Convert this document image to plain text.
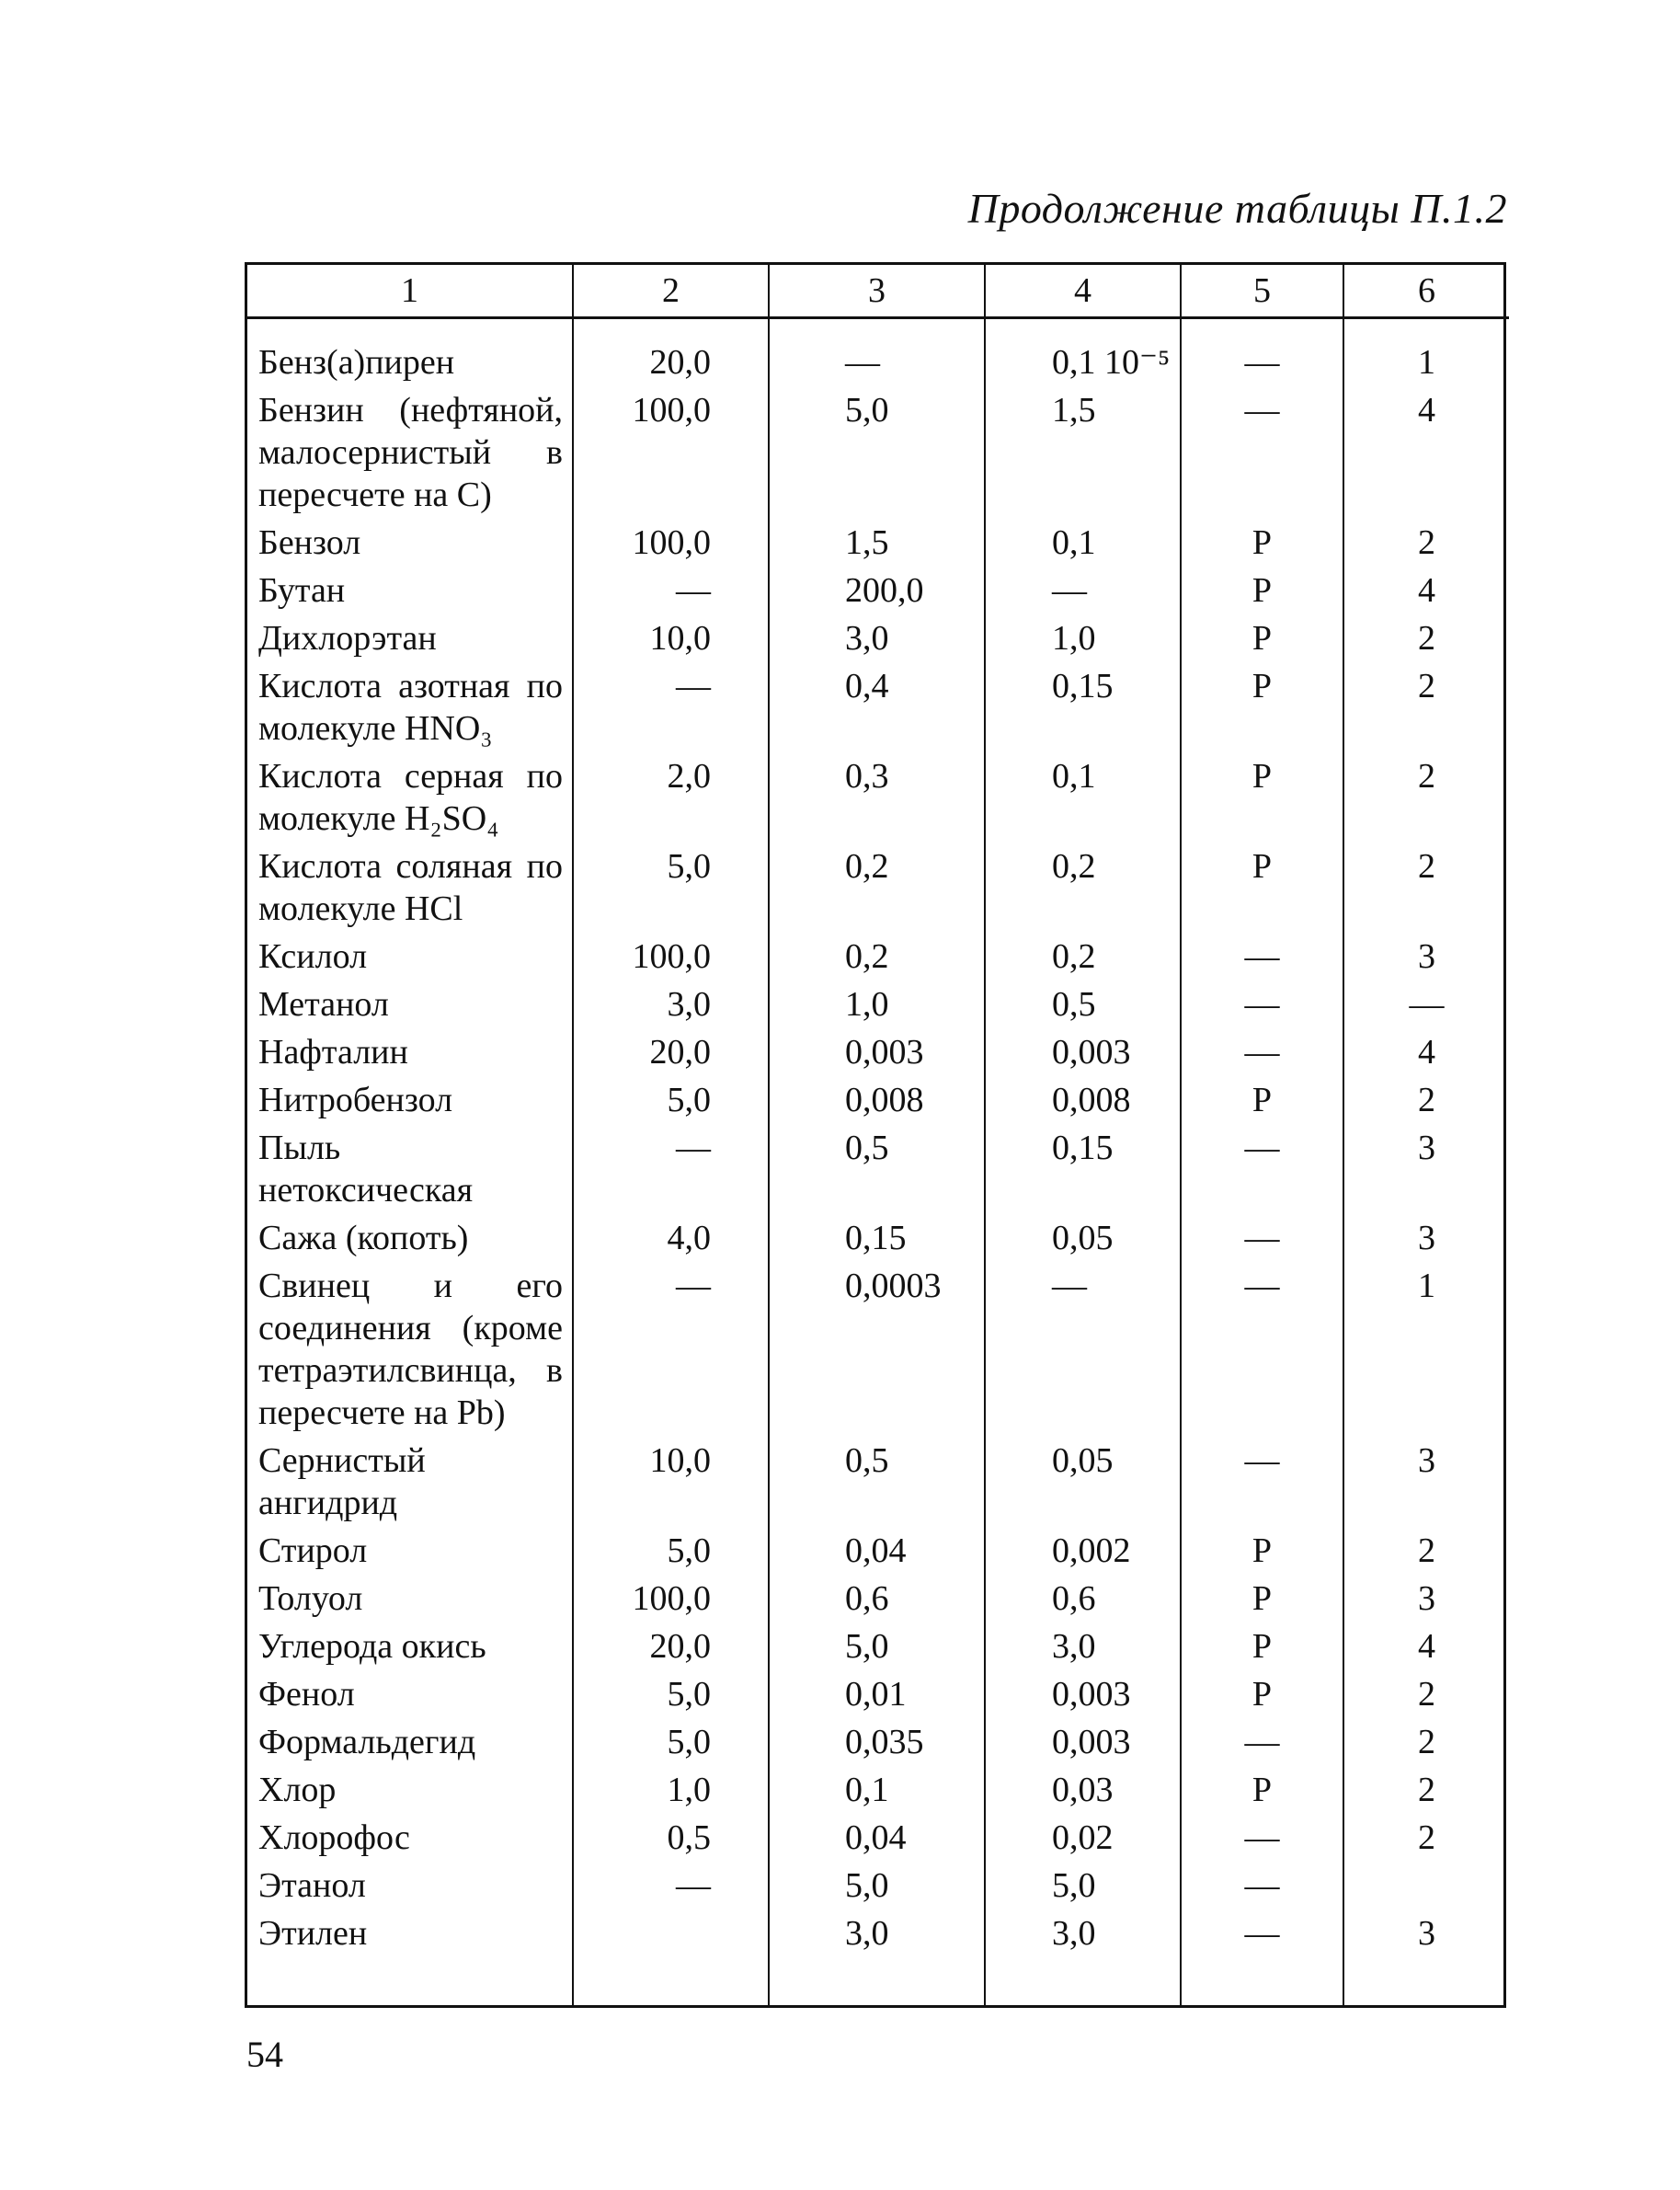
Продолжение таблицы П.1.2
1	2	3	4	5	6
Бенз(а)пирен	20,0	—	0,1 10⁻⁵	—	1
Бензин (нефтяной, малосернистый в пересчете на С)	100,0	5,0	1,5	—	4
Бензол	100,0	1,5	0,1	Р	2
Бутан	—	200,0	—	Р	4
Дихлорэтан	10,0	3,0	1,0	Р	2
Кислота азотная по молекуле HNO₃	—	0,4	0,15	Р	2
Кислота серная по молекуле H₂SO₄	2,0	0,3	0,1	Р	2
Кислота соляная по молекуле HCl	5,0	0,2	0,2	Р	2
Ксилол	100,0	0,2	0,2	—	3
Метанол	3,0	1,0	0,5	—	—
Нафталин	20,0	0,003	0,003	—	4
Нитробензол	5,0	0,008	0,008	Р	2
Пыль нетоксическая	—	0,5	0,15	—	3
Сажа (копоть)	4,0	0,15	0,05	—	3
Свинец и его соединения (кроме тетраэтилсвинца, в пересчете на Pb)	—	0,0003	—	—	1
Сернистый ангидрид	10,0	0,5	0,05	—	3
Стирол	5,0	0,04	0,002	Р	2
Толуол	100,0	0,6	0,6	Р	3
Углерода окись	20,0	5,0	3,0	Р	4
Фенол	5,0	0,01	0,003	Р	2
Формальдегид	5,0	0,035	0,003	—	2
Хлор	1,0	0,1	0,03	Р	2
Хлорофос	0,5	0,04	0,02	—	2
Этанол	—	5,0	5,0	—	
Этилен		3,0	3,0	—	3
54
